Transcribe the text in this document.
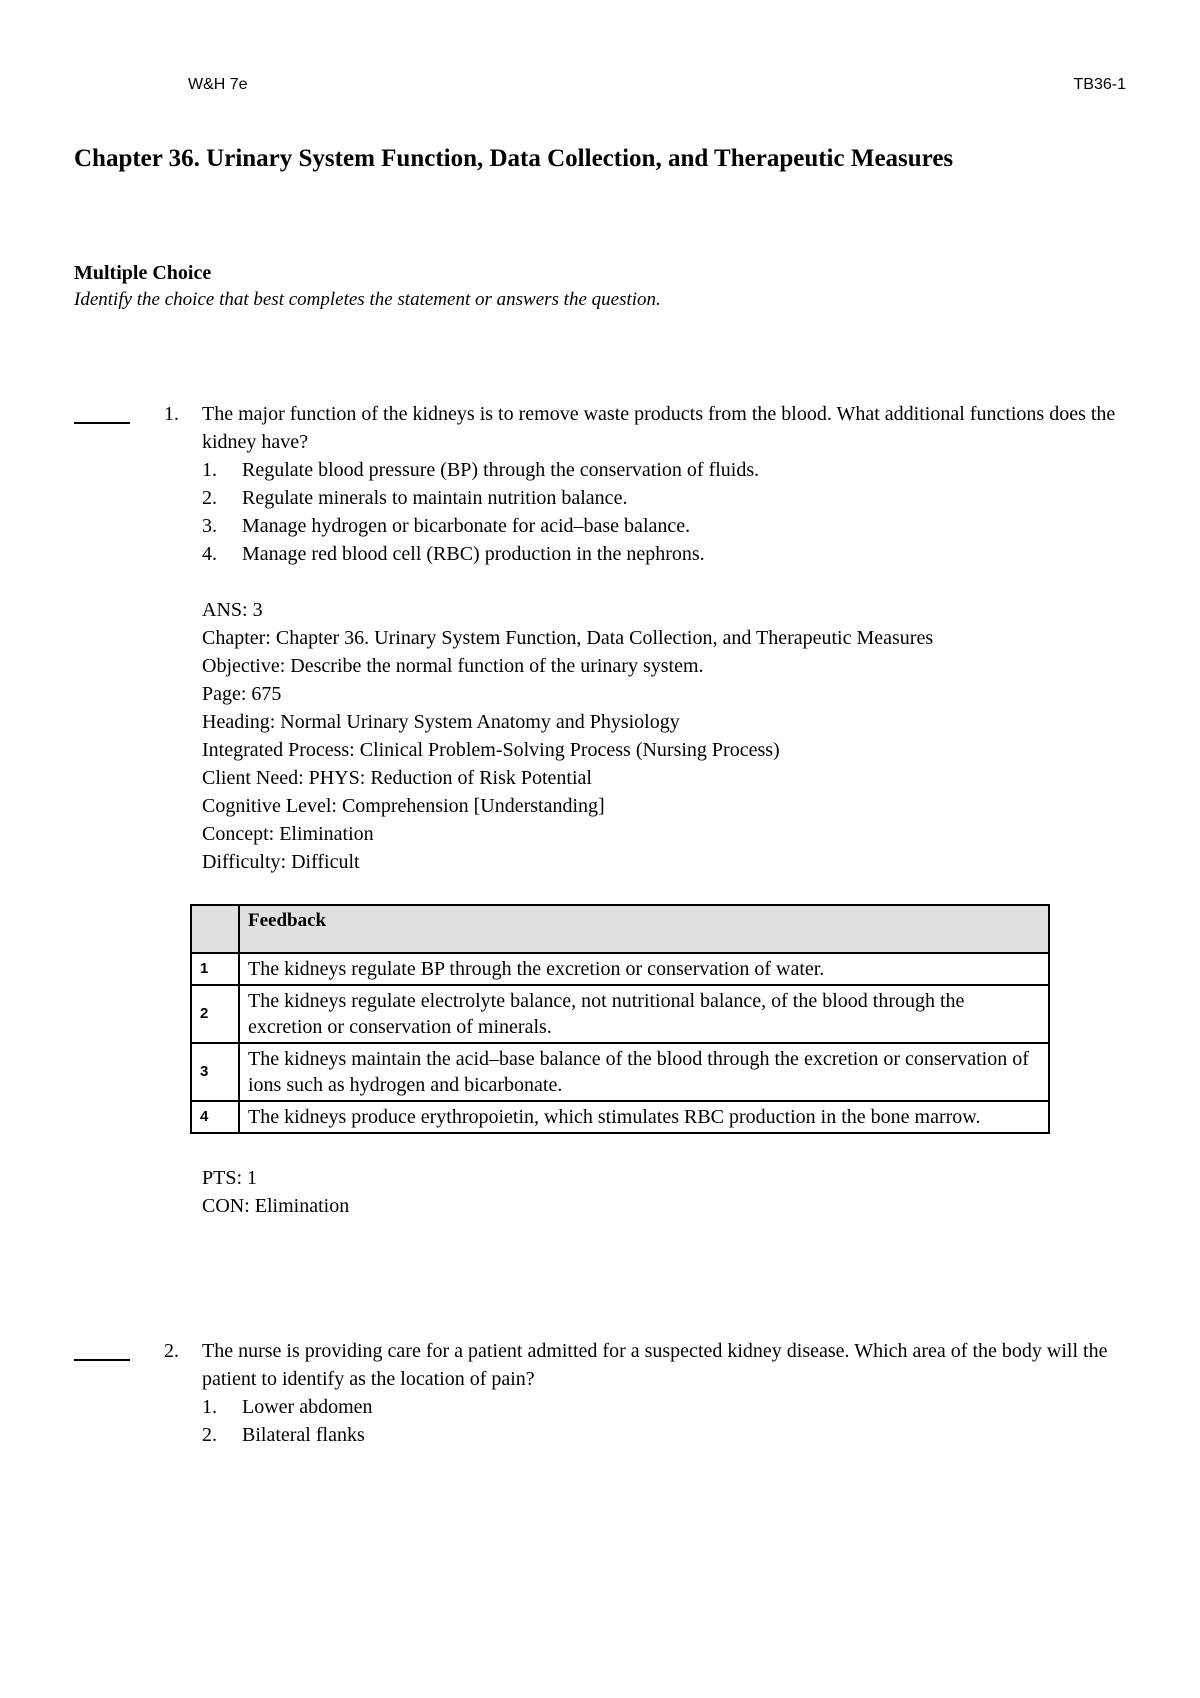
W&H 7e	TB36-1
Chapter 36. Urinary System Function, Data Collection, and Therapeutic Measures
Multiple Choice
Identify the choice that best completes the statement or answers the question.
1. The major function of the kidneys is to remove waste products from the blood. What additional functions does the kidney have?
1.	Regulate blood pressure (BP) through the conservation of fluids.
2.	Regulate minerals to maintain nutrition balance.
3.	Manage hydrogen or bicarbonate for acid–base balance.
4.	Manage red blood cell (RBC) production in the nephrons.
ANS: 3
Chapter: Chapter 36. Urinary System Function, Data Collection, and Therapeutic Measures
Objective: Describe the normal function of the urinary system.
Page: 675
Heading: Normal Urinary System Anatomy and Physiology
Integrated Process: Clinical Problem-Solving Process (Nursing Process)
Client Need: PHYS: Reduction of Risk Potential
Cognitive Level: Comprehension [Understanding]
Concept: Elimination
Difficulty: Difficult
	Feedback
1	The kidneys regulate BP through the excretion or conservation of water.
2	The kidneys regulate electrolyte balance, not nutritional balance, of the blood through the excretion or conservation of minerals.
3	The kidneys maintain the acid–base balance of the blood through the excretion or conservation of ions such as hydrogen and bicarbonate.
4	The kidneys produce erythropoietin, which stimulates RBC production in the bone marrow.
PTS: 1
CON: Elimination
2. The nurse is providing care for a patient admitted for a suspected kidney disease. Which area of the body will the patient to identify as the location of pain?
1.	Lower abdomen
2.	Bilateral flanks
